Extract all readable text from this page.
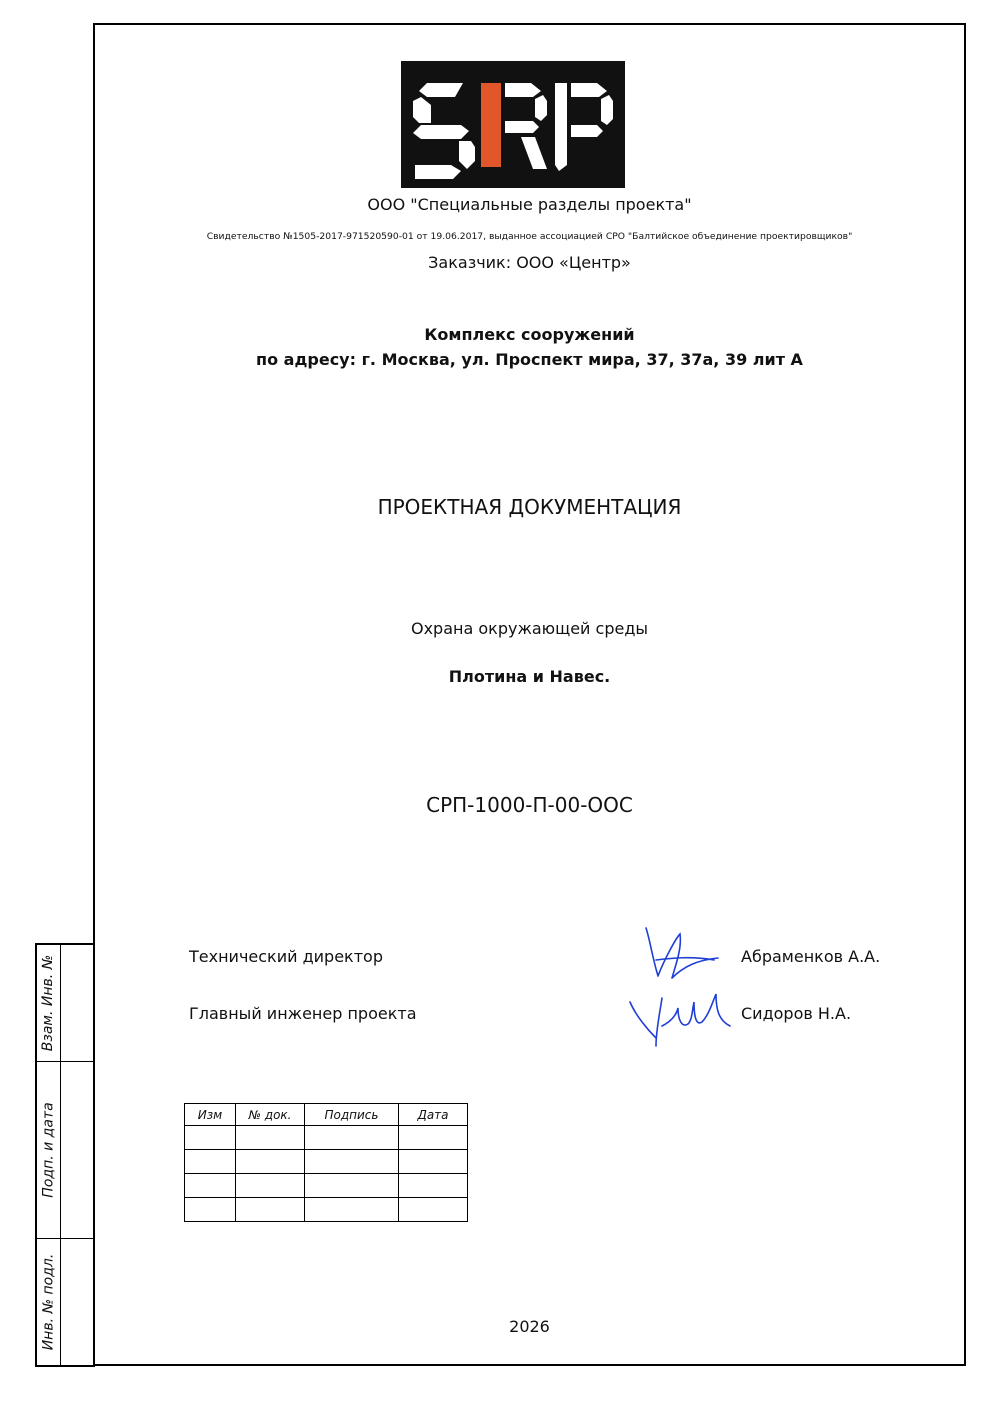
Взам. Инв. №
Подп. и дата
Инв. № подл.
ООО "Специальные разделы проекта"
Свидетельство №1505-2017-971520590-01 от 19.06.2017, выданное ассоциацией СРО "Балтийское объединение проектировщиков"
Заказчик: ООО «Центр»
Комплекс сооружений
по адресу: г. Москва, ул. Проспект мира, 37, 37а, 39 лит А
ПРОЕКТНАЯ ДОКУМЕНТАЦИЯ
Охрана окружающей среды
Плотина и Навес.
СРП-1000-П-00-ООС
Технический директор	Абраменков А.А.
Главный инженер проекта	Сидоров Н.А.
Изм	№ док.	Подпись	Дата

2026
